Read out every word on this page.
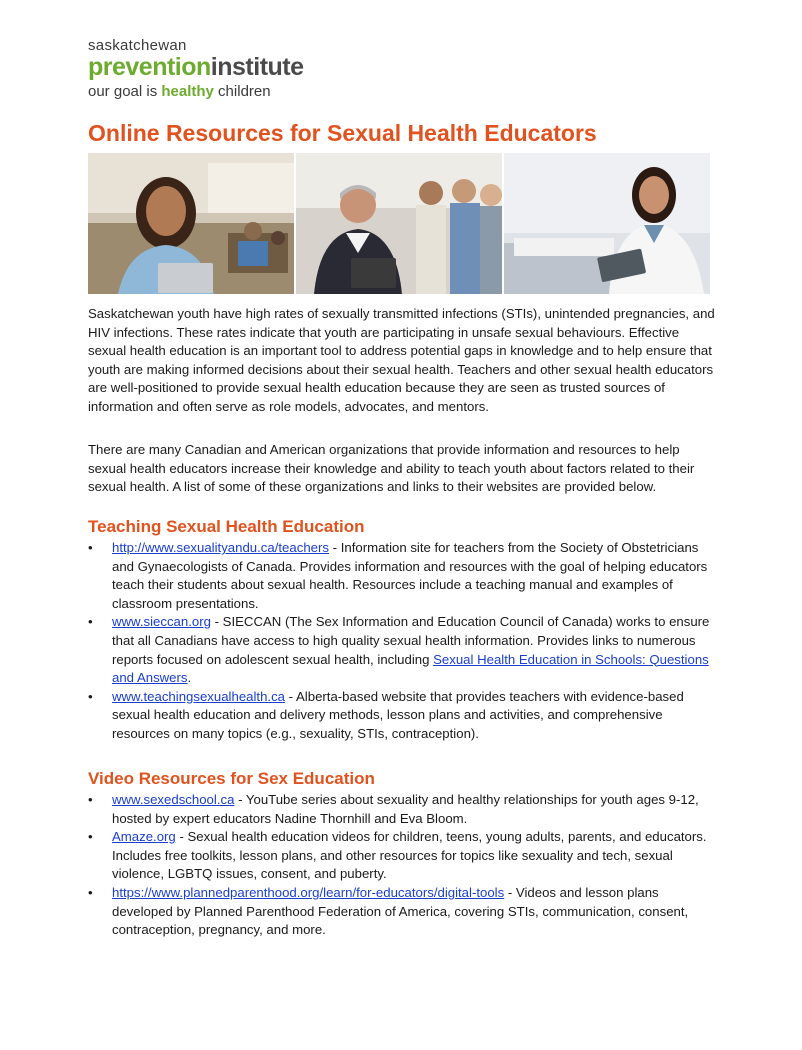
saskatchewan
preventioninstitute
our goal is healthy children
Online Resources for Sexual Health Educators
Saskatchewan youth have high rates of sexually transmitted infections (STIs), unintended pregnancies, and HIV infections. These rates indicate that youth are participating in unsafe sexual behaviours. Effective sexual health education is an important tool to address potential gaps in knowledge and to help ensure that youth are making informed decisions about their sexual health. Teachers and other sexual health educators are well-positioned to provide sexual health education because they are seen as trusted sources of information and often serve as role models, advocates, and mentors.
There are many Canadian and American organizations that provide information and resources to help sexual health educators increase their knowledge and ability to teach youth about factors related to their sexual health. A list of some of these organizations and links to their websites are provided below.
Teaching Sexual Health Education
•	http://www.sexualityandu.ca/teachers - Information site for teachers from the Society of Obstetricians and Gynaecologists of Canada. Provides information and resources with the goal of helping educators teach their students about sexual health. Resources include a teaching manual and examples of classroom presentations.
•	www.sieccan.org - SIECCAN (The Sex Information and Education Council of Canada) works to ensure that all Canadians have access to high quality sexual health information. Provides links to numerous reports focused on adolescent sexual health, including Sexual Health Education in Schools: Questions and Answers.
•	www.teachingsexualhealth.ca - Alberta-based website that provides teachers with evidence-based sexual health education and delivery methods, lesson plans and activities, and comprehensive resources on many topics (e.g., sexuality, STIs, contraception).
Video Resources for Sex Education
•	www.sexedschool.ca - YouTube series about sexuality and healthy relationships for youth ages 9-12, hosted by expert educators Nadine Thornhill and Eva Bloom.
•	Amaze.org - Sexual health education videos for children, teens, young adults, parents, and educators. Includes free toolkits, lesson plans, and other resources for topics like sexuality and tech, sexual violence, LGBTQ issues, consent, and puberty.
•	https://www.plannedparenthood.org/learn/for-educators/digital-tools - Videos and lesson plans developed by Planned Parenthood Federation of America, covering STIs, communication, consent, contraception, pregnancy, and more.
